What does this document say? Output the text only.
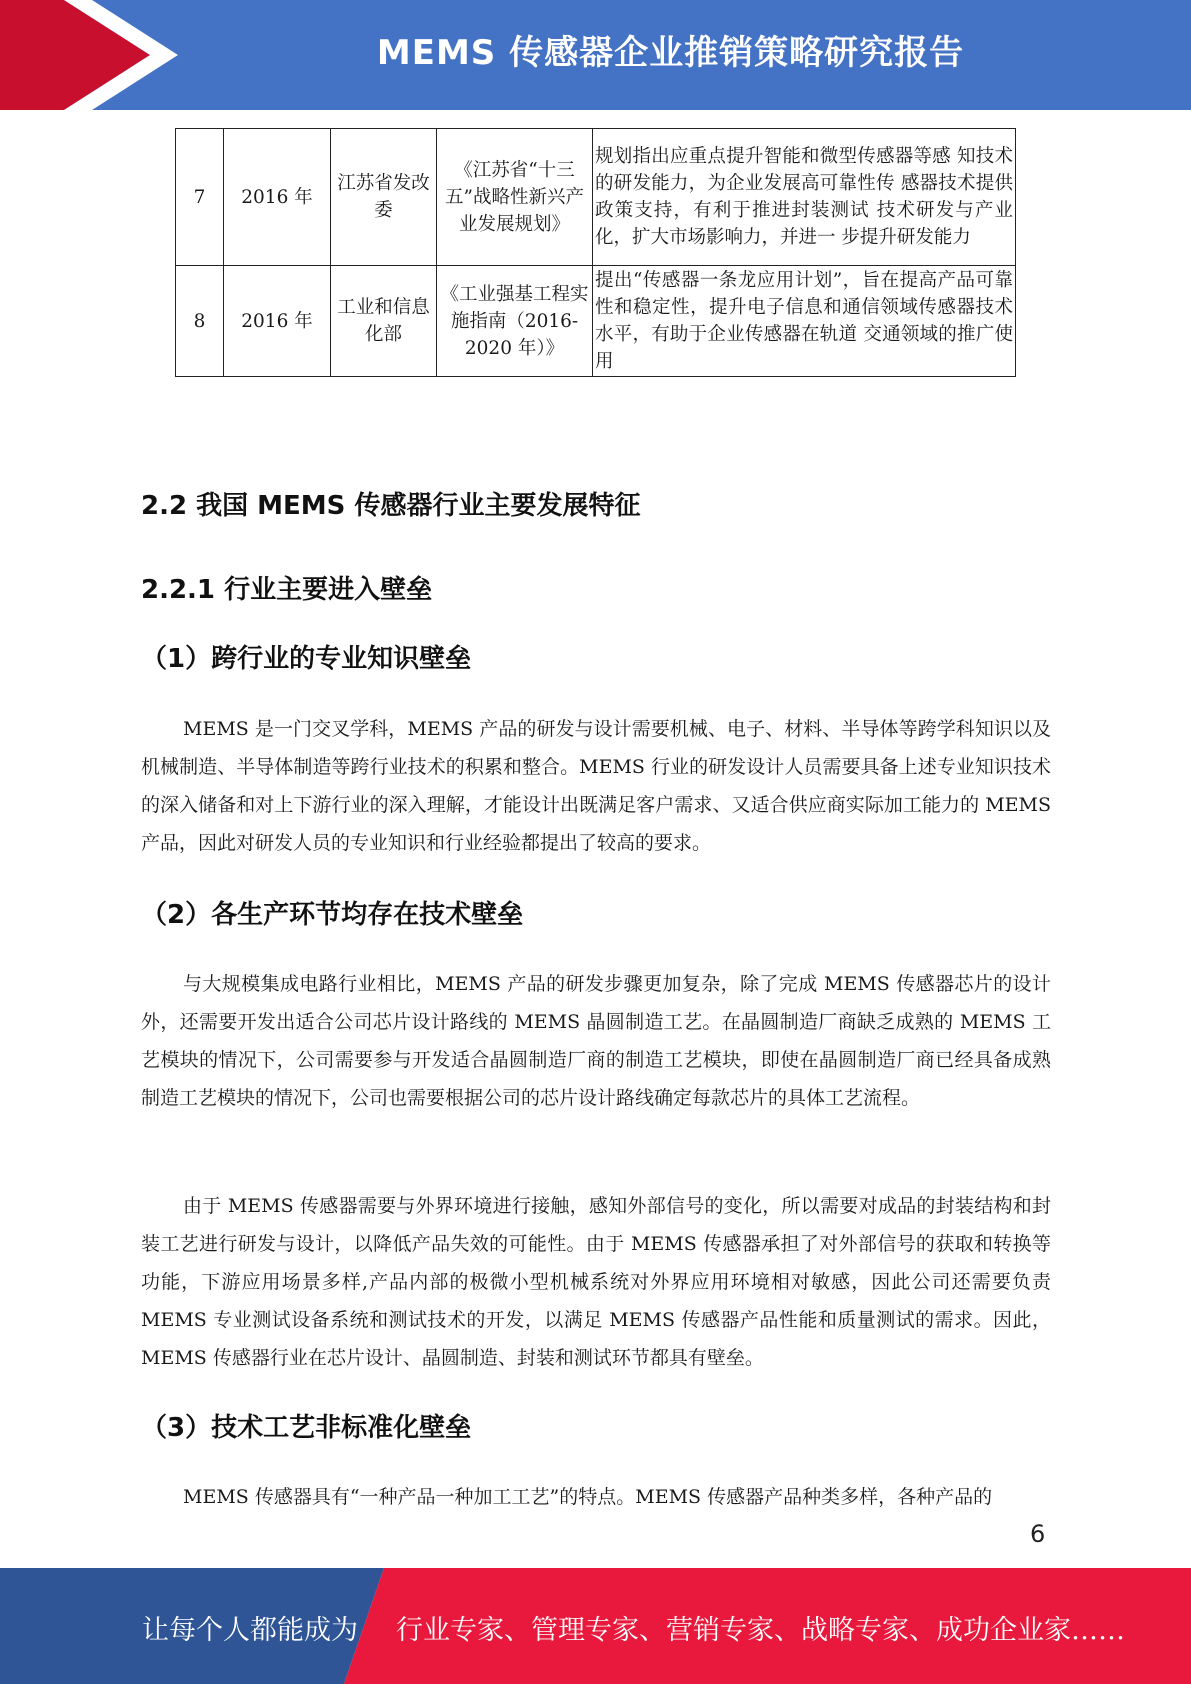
MEMS 传感器企业推销策略研究报告
7	2016 年	江苏省发改委	《江苏省“十三五”战略性新兴产业发展规划》	规划指出应重点提升智能和微型传感器等感 知技术的研发能力，为企业发展高可靠性传 感器技术提供政策支持，有利于推进封装测试 技术研发与产业化，扩大市场影响力，并进一 步提升研发能力
8	2016 年	工业和信息化部	《工业强基工程实施指南（2016-2020 年）》	提出“传感器一条龙应用计划”，旨在提高产品可靠性和稳定性，提升电子信息和通信领域传感器技术水平，有助于企业传感器在轨道 交通领域的推广使用
2.2 我国 MEMS 传感器行业主要发展特征
2.2.1 行业主要进入壁垒
（1）跨行业的专业知识壁垒

MEMS 是一门交叉学科，MEMS 产品的研发与设计需要机械、电子、材料、半导体等跨学科知识以及机械制造、半导体制造等跨行业技术的积累和整合。MEMS 行业的研发设计人员需要具备上述专业知识技术的深入储备和对上下游行业的深入理解，才能设计出既满足客户需求、又适合供应商实际加工能力的 MEMS 产品，因此对研发人员的专业知识和行业经验都提出了较高的要求。

（2）各生产环节均存在技术壁垒

与大规模集成电路行业相比，MEMS 产品的研发步骤更加复杂，除了完成 MEMS 传感器芯片的设计外，还需要开发出适合公司芯片设计路线的 MEMS 晶圆制造工艺。在晶圆制造厂商缺乏成熟的 MEMS 工艺模块的情况下，公司需要参与开发适合晶圆制造厂商的制造工艺模块，即使在晶圆制造厂商已经具备成熟制造工艺模块的情况下，公司也需要根据公司的芯片设计路线确定每款芯片的具体工艺流程。

由于 MEMS 传感器需要与外界环境进行接触，感知外部信号的变化，所以需要对成品的封装结构和封装工艺进行研发与设计，以降低产品失效的可能性。由于 MEMS 传感器承担了对外部信号的获取和转换等功能，下游应用场景多样,产品内部的极微小型机械系统对外界应用环境相对敏感，因此公司还需要负责 MEMS 专业测试设备系统和测试技术的开发，以满足 MEMS 传感器产品性能和质量测试的需求。因此，MEMS 传感器行业在芯片设计、晶圆制造、封装和测试环节都具有壁垒。

（3）技术工艺非标准化壁垒

MEMS 传感器具有“一种产品一种加工工艺”的特点。MEMS 传感器产品种类多样，各种产品的

6
让每个人都能成为 行业专家、管理专家、营销专家、战略专家、成功企业家……
